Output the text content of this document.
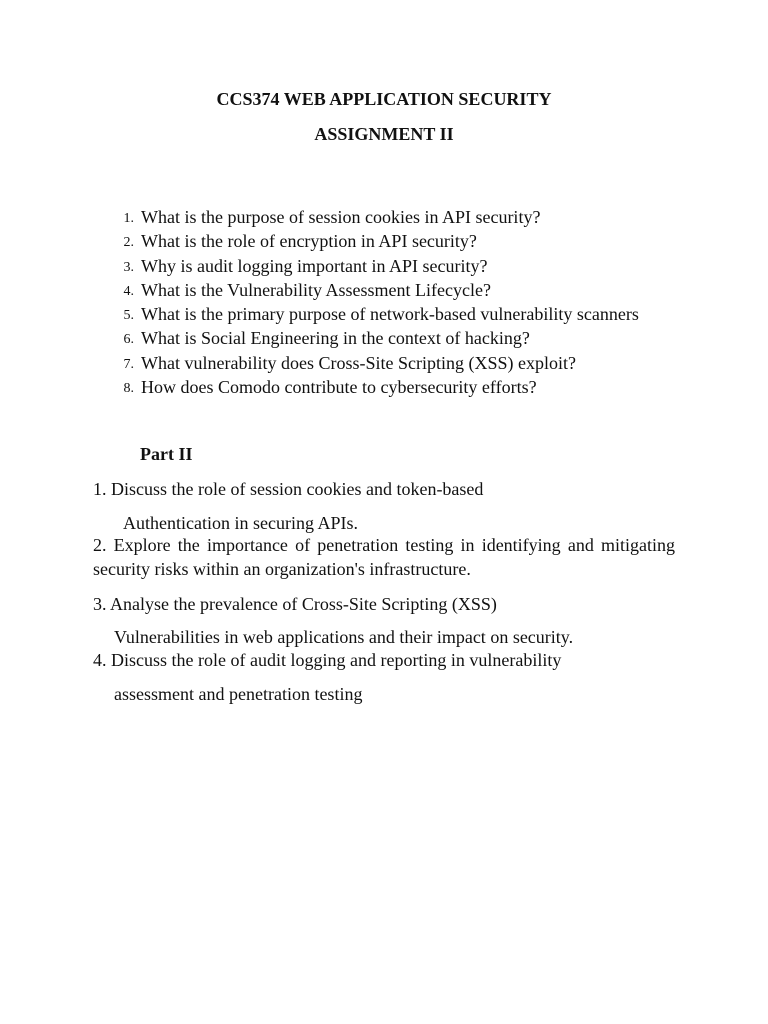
CCS374 WEB APPLICATION SECURITY
ASSIGNMENT II
1. What is the purpose of session cookies in API security?
2. What is the role of encryption in API security?
3. Why is audit logging important in API security?
4. What is the Vulnerability Assessment Lifecycle?
5. What is the primary purpose of network-based vulnerability scanners
6. What is Social Engineering in the context of hacking?
7. What vulnerability does Cross-Site Scripting (XSS) exploit?
8. How does Comodo contribute to cybersecurity efforts?
Part II

1. Discuss the role of session cookies and token-based

Authentication in securing APIs.

2. Explore the importance of penetration testing in identifying and mitigating security risks within an organization's infrastructure.

3. Analyse the prevalence of Cross-Site Scripting (XSS)

Vulnerabilities in web applications and their impact on security.

4. Discuss the role of audit logging and reporting in vulnerability

assessment and penetration testing
